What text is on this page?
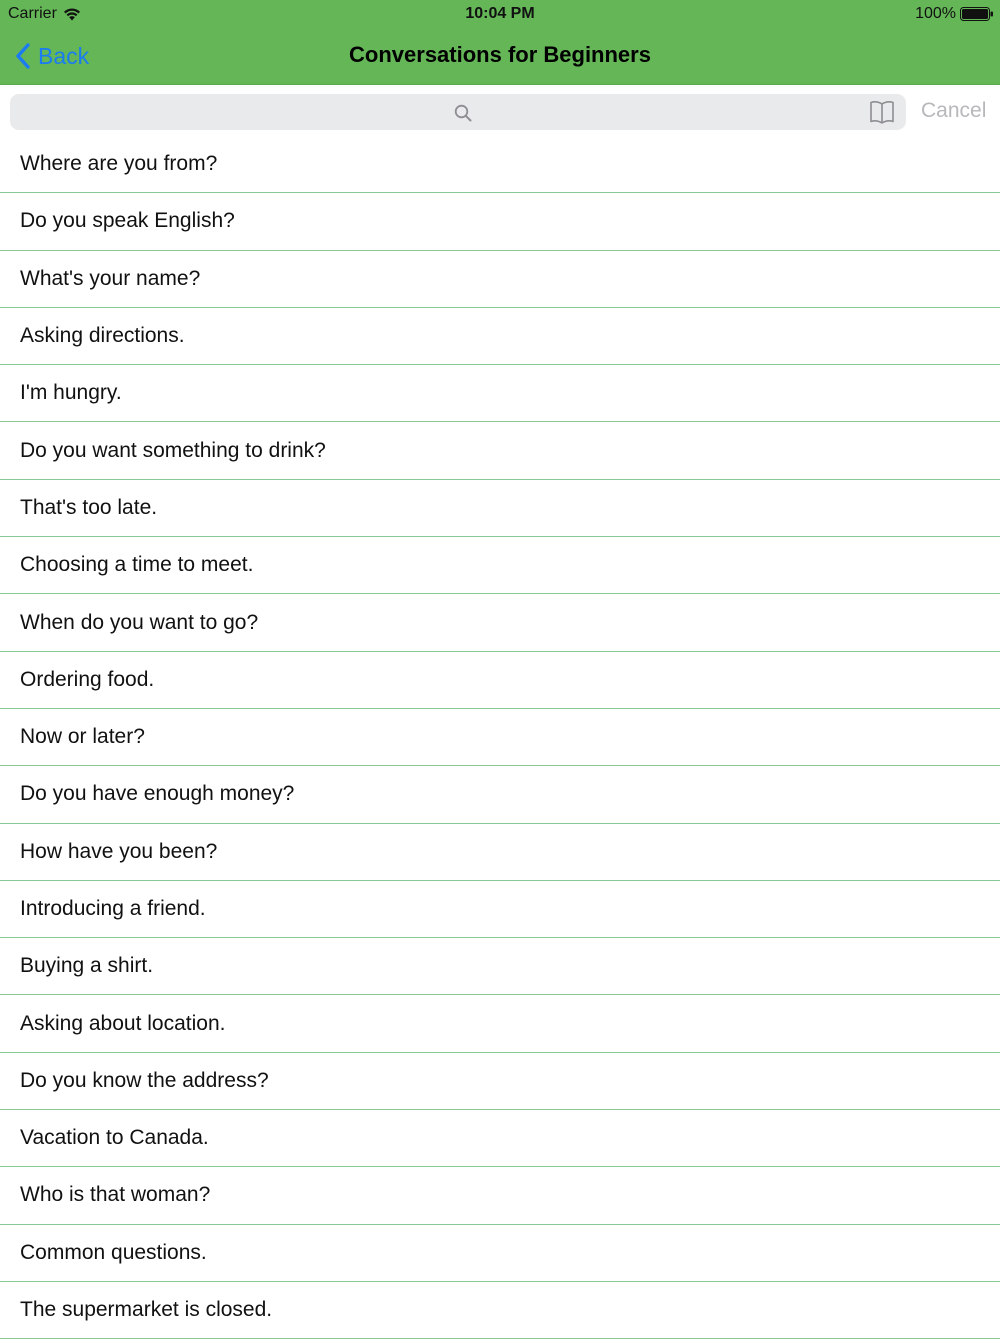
Carrier	10:04 PM	100%
Back	Conversations for Beginners
Cancel
Where are you from?
Do you speak English?
What's your name?
Asking directions.
I'm hungry.
Do you want something to drink?
That's too late.
Choosing a time to meet.
When do you want to go?
Ordering food.
Now or later?
Do you have enough money?
How have you been?
Introducing a friend.
Buying a shirt.
Asking about location.
Do you know the address?
Vacation to Canada.
Who is that woman?
Common questions.
The supermarket is closed.
